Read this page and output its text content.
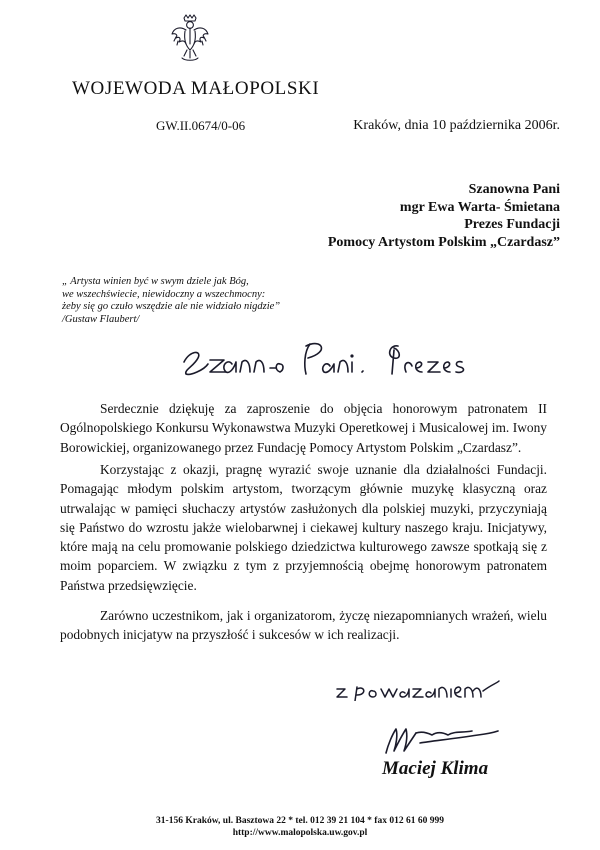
WOJEWODA MAŁOPOLSKI
GW.II.0674/0-06	Kraków, dnia 10 października 2006r.
Szanowna Pani
mgr Ewa Warta- Śmietana
Prezes Fundacji
Pomocy Artystom Polskim „Czardasz”
„ Artysta winien być w swym dziele jak Bóg,
we wszechświecie, niewidoczny a wszechmocny:
żeby się go czuło wszędzie ale nie widziało nigdzie”
/Gustaw Flaubert/

Serdecznie dziękuję za zaproszenie do objęcia honorowym patronatem II Ogólnopolskiego Konkursu Wykonawstwa Muzyki Operetkowej i Musicalowej im. Iwony Borowickiej, organizowanego przez Fundację Pomocy Artystom Polskim „Czardasz”.

Korzystając z okazji, pragnę wyrazić swoje uznanie dla działalności Fundacji. Pomagając młodym polskim artystom, tworzącym głównie muzykę klasyczną oraz utrwalając w pamięci słuchaczy artystów zasłużonych dla polskiej muzyki, przyczyniają się Państwo do wzrostu jakże wielobarwnej i ciekawej kultury naszego kraju. Inicjatywy, które mają na celu promowanie polskiego dziedzictwa kulturowego zawsze spotkają się z moim poparciem. W związku z tym z przyjemnością obejmę honorowym patronatem Państwa przedsięwzięcie.

Zarówno uczestnikom, jak i organizatorom, życzę niezapomnianych wrażeń, wielu podobnych inicjatyw na przyszłość i sukcesów w ich realizacji.

Maciej Klima
31-156 Kraków, ul. Basztowa 22 * tel. 012 39 21 104 * fax 012 61 60 999
http://www.malopolska.uw.gov.pl
